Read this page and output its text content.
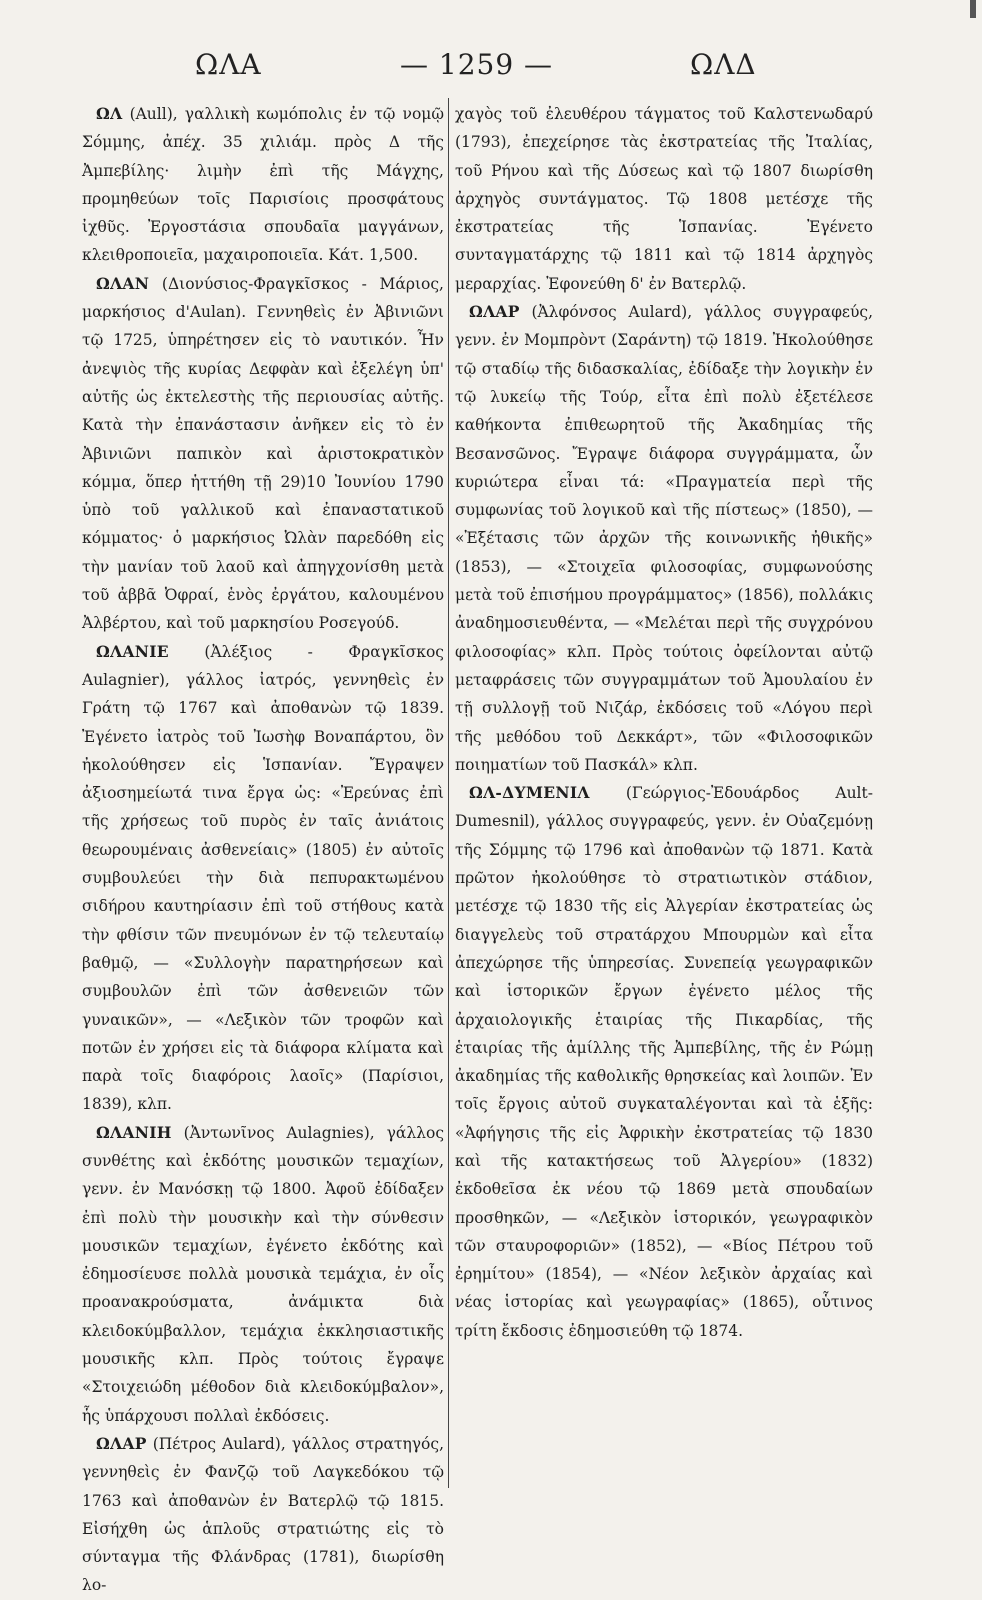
ΩΛΑ	— 1259 —	ΩΛΔ

ΩΛ (Aull), γαλλικὴ κωμόπολις ἐν τῷ νομῷ Σόμμης, ἀπέχ. 35 χιλιάμ. πρὸς Δ τῆς Ἀμπεβίλης· λιμὴν ἐπὶ τῆς Μάγχης, προμηθεύων τοῖς Παρισίοις προσφάτους ἰχθῦς. Ἐργοστάσια σπουδαῖα μαγγάνων, κλειθροποιεῖα, μαχαιροποιεῖα. Κάτ. 1,500.

ΩΛΑΝ (Διονύσιος-Φραγκῖσκος - Μάριος, μαρκήσιος d'Aulan). Γεννηθεὶς ἐν Ἀβινιῶνι τῷ 1725, ὑπηρέτησεν εἰς τὸ ναυτικόν. Ἦν ἀνεψιὸς τῆς κυρίας Δεφφὰν καὶ ἐξελέγη ὑπ' αὐτῆς ὡς ἐκτελεστὴς τῆς περιουσίας αὐτῆς. Κατὰ τὴν ἐπανάστασιν ἀνῆκεν εἰς τὸ ἐν Ἀβινιῶνι παπικὸν καὶ ἀριστοκρατικὸν κόμμα, ὅπερ ἡττήθη τῇ 29)10 Ἰουνίου 1790 ὑπὸ τοῦ γαλλικοῦ καὶ ἐπαναστατικοῦ κόμματος· ὁ μαρκήσιος Ὠλὰν παρεδόθη εἰς τὴν μανίαν τοῦ λαοῦ καὶ ἀπηγχονίσθη μετὰ τοῦ ἀββᾶ Ὀφραί, ἑνὸς ἐργάτου, καλουμένου Ἀλβέρτου, καὶ τοῦ μαρκησίου Ροσεγούδ.

ΩΛΑΝΙΕ (Ἀλέξιος - Φραγκῖσκος Aulagnier), γάλλος ἰατρός, γεννηθεὶς ἐν Γράτη τῷ 1767 καὶ ἀποθανὼν τῷ 1839. Ἐγένετο ἰατρὸς τοῦ Ἰωσὴφ Βοναπάρτου, ὃν ἠκολούθησεν εἰς Ἱσπανίαν. Ἔγραψεν ἀξιοσημείωτά τινα ἔργα ὡς: «Ἐρεύνας ἐπὶ τῆς χρήσεως τοῦ πυρὸς ἐν ταῖς ἀνιάτοις θεωρουμέναις ἀσθενείαις» (1805) ἐν αὐτοῖς συμβουλεύει τὴν διὰ πεπυρακτωμένου σιδήρου καυτηρίασιν ἐπὶ τοῦ στήθους κατὰ τὴν φθίσιν τῶν πνευμόνων ἐν τῷ τελευταίῳ βαθμῷ, — «Συλλογὴν παρατηρήσεων καὶ συμβουλῶν ἐπὶ τῶν ἀσθενειῶν τῶν γυναικῶν», — «Λεξικὸν τῶν τροφῶν καὶ ποτῶν ἐν χρήσει εἰς τὰ διάφορα κλίματα καὶ παρὰ τοῖς διαφόροις λαοῖς» (Παρίσιοι, 1839), κλπ.

ΩΛΑΝΙΗ (Ἀντωνῖνος Aulagnies), γάλλος συνθέτης καὶ ἐκδότης μουσικῶν τεμαχίων, γενν. ἐν Μανόσκῃ τῷ 1800. Ἀφοῦ ἐδίδαξεν ἐπὶ πολὺ τὴν μουσικὴν καὶ τὴν σύνθεσιν μουσικῶν τεμαχίων, ἐγένετο ἐκδότης καὶ ἐδημοσίευσε πολλὰ μουσικὰ τεμάχια, ἐν οἷς προανακρούσματα, ἀνάμικτα διὰ κλειδοκύμβαλλον, τεμάχια ἐκκλησιαστικῆς μουσικῆς κλπ. Πρὸς τούτοις ἔγραψε «Στοιχειώδη μέθοδον διὰ κλειδοκύμβαλον», ἧς ὑπάρχουσι πολλαὶ ἐκδόσεις.

ΩΛΑΡ (Πέτρος Aulard), γάλλος στρατηγός, γεννηθεὶς ἐν Φανζῷ τοῦ Λαγκεδόκου τῷ 1763 καὶ ἀποθανὼν ἐν Βατερλῷ τῷ 1815. Εἰσήχθη ὡς ἁπλοῦς στρατιώτης εἰς τὸ σύνταγμα τῆς Φλάνδρας (1781), διωρίσθη λο-

χαγὸς τοῦ ἐλευθέρου τάγματος τοῦ Καλστενωδαρύ (1793), ἐπεχείρησε τὰς ἐκστρατείας τῆς Ἰταλίας, τοῦ Ρήνου καὶ τῆς Δύσεως καὶ τῷ 1807 διωρίσθη ἀρχηγὸς συντάγματος. Τῷ 1808 μετέσχε τῆς ἐκστρατείας τῆς Ἱσπανίας. Ἐγένετο συνταγματάρχης τῷ 1811 καὶ τῷ 1814 ἀρχηγὸς μεραρχίας. Ἐφονεύθη δ' ἐν Βατερλῷ.

ΩΛΑΡ (Ἀλφόνσος Aulard), γάλλος συγγραφεύς, γενν. ἐν Μομπρὸντ (Σαράντη) τῷ 1819. Ἠκολούθησε τῷ σταδίῳ τῆς διδασκαλίας, ἐδίδαξε τὴν λογικὴν ἐν τῷ λυκείῳ τῆς Τούρ, εἶτα ἐπὶ πολὺ ἐξετέλεσε καθήκοντα ἐπιθεωρητοῦ τῆς Ἀκαδημίας τῆς Βεσανσῶνος. Ἔγραψε διάφορα συγγράμματα, ὧν κυριώτερα εἶναι τά: «Πραγματεία περὶ τῆς συμφωνίας τοῦ λογικοῦ καὶ τῆς πίστεως» (1850), — «Ἐξέτασις τῶν ἀρχῶν τῆς κοινωνικῆς ἠθικῆς» (1853), — «Στοιχεῖα φιλοσοφίας, συμφωνούσης μετὰ τοῦ ἐπισήμου προγράμματος» (1856), πολλάκις ἀναδημοσιευθέντα, — «Μελέται περὶ τῆς συγχρόνου φιλοσοφίας» κλπ. Πρὸς τούτοις ὀφείλονται αὐτῷ μεταφράσεις τῶν συγγραμμάτων τοῦ Ἀμουλαίου ἐν τῇ συλλογῇ τοῦ Νιζάρ, ἐκδόσεις τοῦ «Λόγου περὶ τῆς μεθόδου τοῦ Δεκκάρτ», τῶν «Φιλοσοφικῶν ποιηματίων τοῦ Πασκάλ» κλπ.

ΩΛ-ΔΥΜΕΝΙΛ (Γεώργιος-Ἐδουάρδος Ault-Dumesnil), γάλλος συγγραφεύς, γενν. ἐν Οὐαζεμόνῃ τῆς Σόμμης τῷ 1796 καὶ ἀποθανὼν τῷ 1871. Κατὰ πρῶτον ἠκολούθησε τὸ στρατιωτικὸν στάδιον, μετέσχε τῷ 1830 τῆς εἰς Ἀλγερίαν ἐκστρατείας ὡς διαγγελεὺς τοῦ στρατάρχου Μπουρμὼν καὶ εἶτα ἀπεχώρησε τῆς ὑπηρεσίας. Συνεπείᾳ γεωγραφικῶν καὶ ἱστορικῶν ἔργων ἐγένετο μέλος τῆς ἀρχαιολογικῆς ἑταιρίας τῆς Πικαρδίας, τῆς ἑταιρίας τῆς ἁμίλλης τῆς Ἀμπεβίλης, τῆς ἐν Ρώμῃ ἀκαδημίας τῆς καθολικῆς θρησκείας καὶ λοιπῶν. Ἐν τοῖς ἔργοις αὐτοῦ συγκαταλέγονται καὶ τὰ ἑξῆς: «Ἀφήγησις τῆς εἰς Ἀφρικὴν ἐκστρατείας τῷ 1830 καὶ τῆς κατακτήσεως τοῦ Ἀλγερίου» (1832) ἐκδοθεῖσα ἐκ νέου τῷ 1869 μετὰ σπουδαίων προσθηκῶν, — «Λεξικὸν ἱστορικόν, γεωγραφικὸν τῶν σταυροφοριῶν» (1852), — «Βίος Πέτρου τοῦ ἐρημίτου» (1854), — «Νέον λεξικὸν ἀρχαίας καὶ νέας ἱστορίας καὶ γεωγραφίας» (1865), οὗτινος τρίτη ἔκδοσις ἐδημοσιεύθη τῷ 1874.
